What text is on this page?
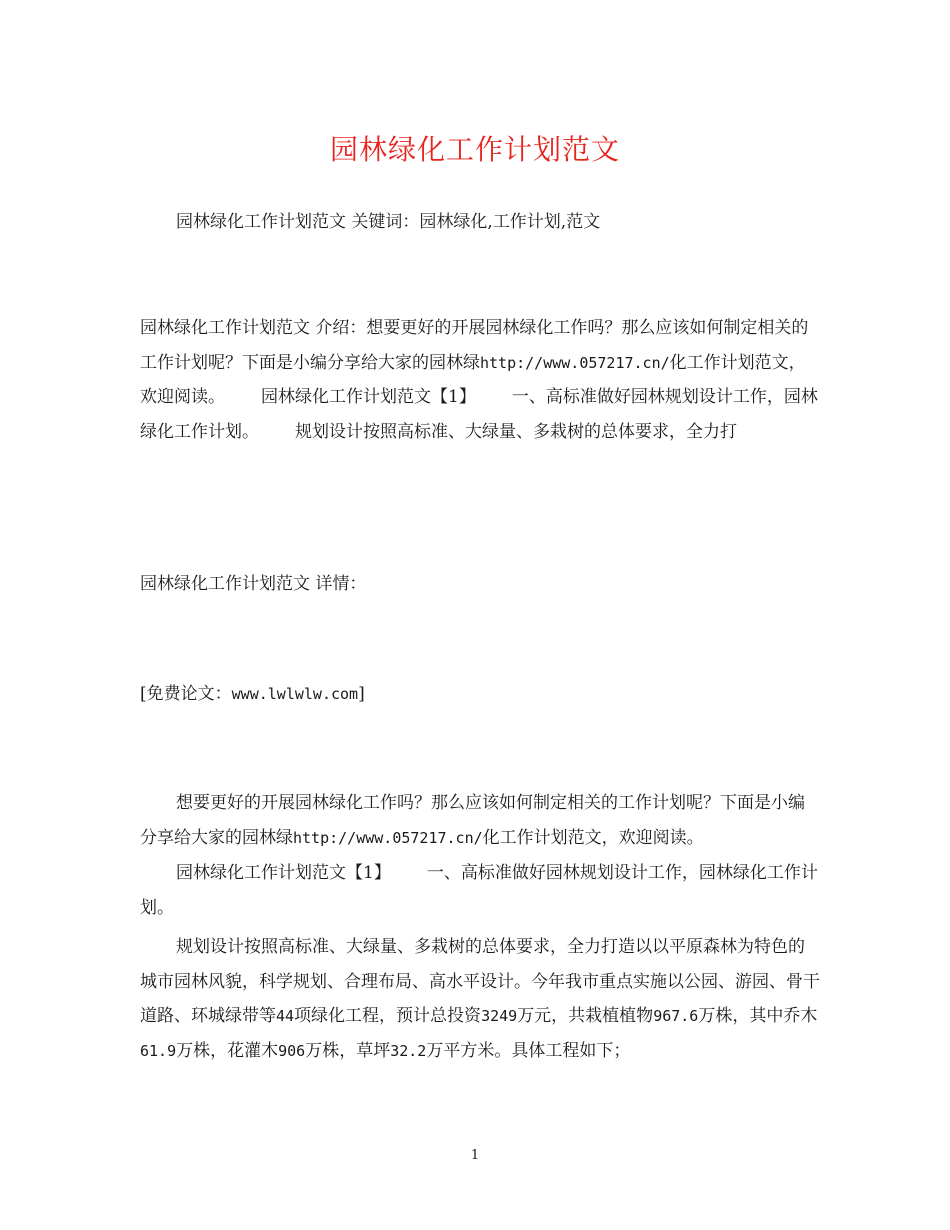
园林绿化工作计划范文

园林绿化工作计划范文 关键词：园林绿化,工作计划,范文

园林绿化工作计划范文 介绍：想要更好的开展园林绿化工作吗？那么应该如何制定相关的工作计划呢？下面是小编分享给大家的园林绿http://www.057217.cn/化工作计划范文，欢迎阅读。 园林绿化工作计划范文【1】 一、高标准做好园林规划设计工作，园林绿化工作计划。 规划设计按照高标准、大绿量、多栽树的总体要求，全力打

园林绿化工作计划范文 详情：

[免费论文：www.lwlwlw.com]

想要更好的开展园林绿化工作吗？那么应该如何制定相关的工作计划呢？下面是小编分享给大家的园林绿http://www.057217.cn/化工作计划范文，欢迎阅读。

园林绿化工作计划范文【1】 一、高标准做好园林规划设计工作，园林绿化工作计划。

规划设计按照高标准、大绿量、多栽树的总体要求，全力打造以以平原森林为特色的城市园林风貌，科学规划、合理布局、高水平设计。今年我市重点实施以公园、游园、骨干道路、环城绿带等44项绿化工程，预计总投资3249万元，共栽植植物967.6万株，其中乔木61.9万株，花灌木906万株，草坪32.2万平方米。具体工程如下；

1
